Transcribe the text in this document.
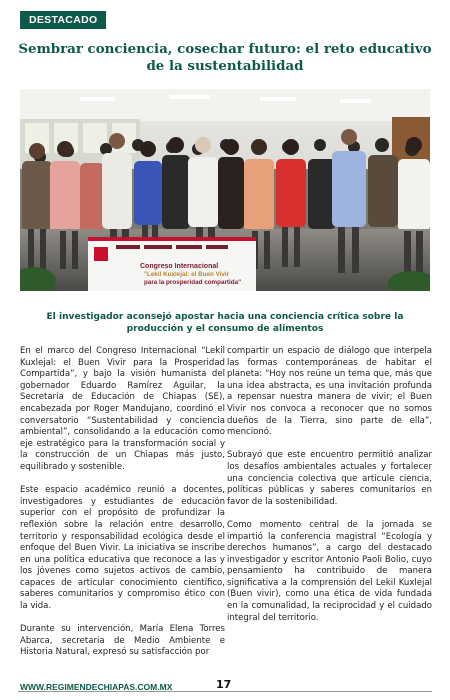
DESTACADO
Sembrar conciencia, cosechar futuro: el reto educativo de la sustentabilidad
Congreso Internacional
"Lekil Kuxlejal: el Buen Vivir
para la prosperidad compartida"
El investigador aconsejó apostar hacia una conciencia crítica sobre la producción y el consumo de alimentos

En el marco del Congreso Internacional “Lekil Kuxlejal: el Buen Vivir para la Prosperidad Compartida”, y bajo la visión humanista del gobernador Eduardo Ramírez Aguilar, la Secretaría de Educación de Chiapas (SE), encabezada por Roger Mandujano, coordinó el conversatorio “Sustentabilidad y conciencia ambiental”, consolidando a la educación como eje estratégico para la transformación social y la construcción de un Chiapas más justo, equilibrado y sostenible.

Este espacio académico reunió a docentes, investigadores y estudiantes de educación superior con el propósito de profundizar la reflexión sobre la relación entre desarrollo, territorio y responsabilidad ecológica desde el enfoque del Buen Vivir. La iniciativa se inscribe en una política educativa que reconoce a las y los jóvenes como sujetos activos de cambio, capaces de articular conocimiento científico, saberes comunitarios y compromiso ético con la vida.

Durante su intervención, María Elena Torres Abarca, secretaria de Medio Ambiente e Historia Natural, expresó su satisfacción por

compartir un espacio de diálogo que interpela las formas contemporáneas de habitar el planeta: “Hoy nos reúne un tema que, más que una idea abstracta, es una invitación profunda a repensar nuestra manera de vivir; el Buen Vivir nos convoca a reconocer que no somos dueños de la Tierra, sino parte de ella”, mencionó.

Subrayó que este encuentro permitió analizar los desafíos ambientales actuales y fortalecer una conciencia colectiva que articule ciencia, políticas públicas y saberes comunitarios en favor de la sostenibilidad.

Como momento central de la jornada se impartió la conferencia magistral “Ecología y derechos humanos”, a cargo del destacado investigador y escritor Antonio Paoli Bolio, cuyo pensamiento ha contribuido de manera significativa a la comprensión del Lekil Kuxlejal (Buen vivir), como una ética de vida fundada en la comunalidad, la reciprocidad y el cuidado integral del territorio.

WWW.REGIMENDECHIAPAS.COM.MX	17
